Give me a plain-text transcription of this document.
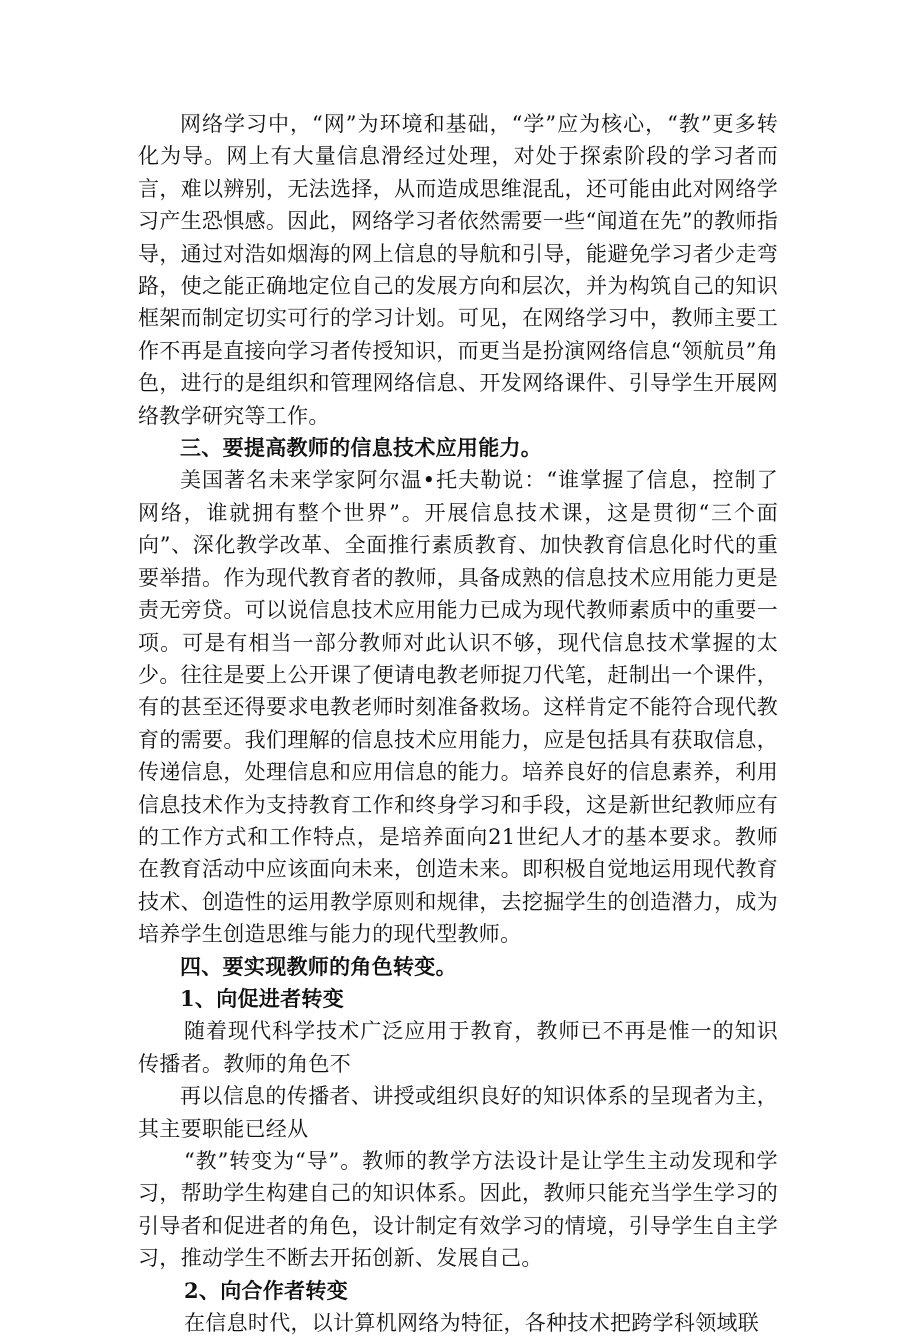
网络学习中，“网”为环境和基础，“学”应为核心，“教”更多转化为导。网上有大量信息滑经过处理，对处于探索阶段的学习者而言，难以辨别，无法选择，从而造成思维混乱，还可能由此对网络学习产生恐惧感。因此，网络学习者依然需要一些“闻道在先”的教师指导，通过对浩如烟海的网上信息的导航和引导，能避免学习者少走弯路，使之能正确地定位自己的发展方向和层次，并为构筑自己的知识框架而制定切实可行的学习计划。可见，在网络学习中，教师主要工作不再是直接向学习者传授知识，而更当是扮演网络信息“领航员”角色，进行的是组织和管理网络信息、开发网络课件、引导学生开展网络教学研究等工作。

三、要提高教师的信息技术应用能力。

美国著名未来学家阿尔温•托夫勒说：“谁掌握了信息，控制了网络，谁就拥有整个世界”。开展信息技术课，这是贯彻“三个面向”、深化教学改革、全面推行素质教育、加快教育信息化时代的重要举措。作为现代教育者的教师，具备成熟的信息技术应用能力更是责无旁贷。可以说信息技术应用能力已成为现代教师素质中的重要一项。可是有相当一部分教师对此认识不够，现代信息技术掌握的太少。往往是要上公开课了便请电教老师捉刀代笔，赶制出一个课件，有的甚至还得要求电教老师时刻准备救场。这样肯定不能符合现代教育的需要。我们理解的信息技术应用能力，应是包括具有获取信息，传递信息，处理信息和应用信息的能力。培养良好的信息素养，利用信息技术作为支持教育工作和终身学习和手段，这是新世纪教师应有的工作方式和工作特点，是培养面向21世纪人才的基本要求。教师在教育活动中应该面向未来，创造未来。即积极自觉地运用现代教育技术、创造性的运用教学原则和规律，去挖掘学生的创造潜力，成为培养学生创造思维与能力的现代型教师。

四、要实现教师的角色转变。

1、向促进者转变

随着现代科学技术广泛应用于教育，教师已不再是惟一的知识传播者。教师的角色不

再以信息的传播者、讲授或组织良好的知识体系的呈现者为主，其主要职能已经从

“教”转变为“导”。教师的教学方法设计是让学生主动发现和学习，帮助学生构建自己的知识体系。因此，教师只能充当学生学习的引导者和促进者的角色，设计制定有效学习的情境，引导学生自主学习，推动学生不断去开拓创新、发展自己。

2、向合作者转变

在信息时代，以计算机网络为特征，各种技术把跨学科领域联
